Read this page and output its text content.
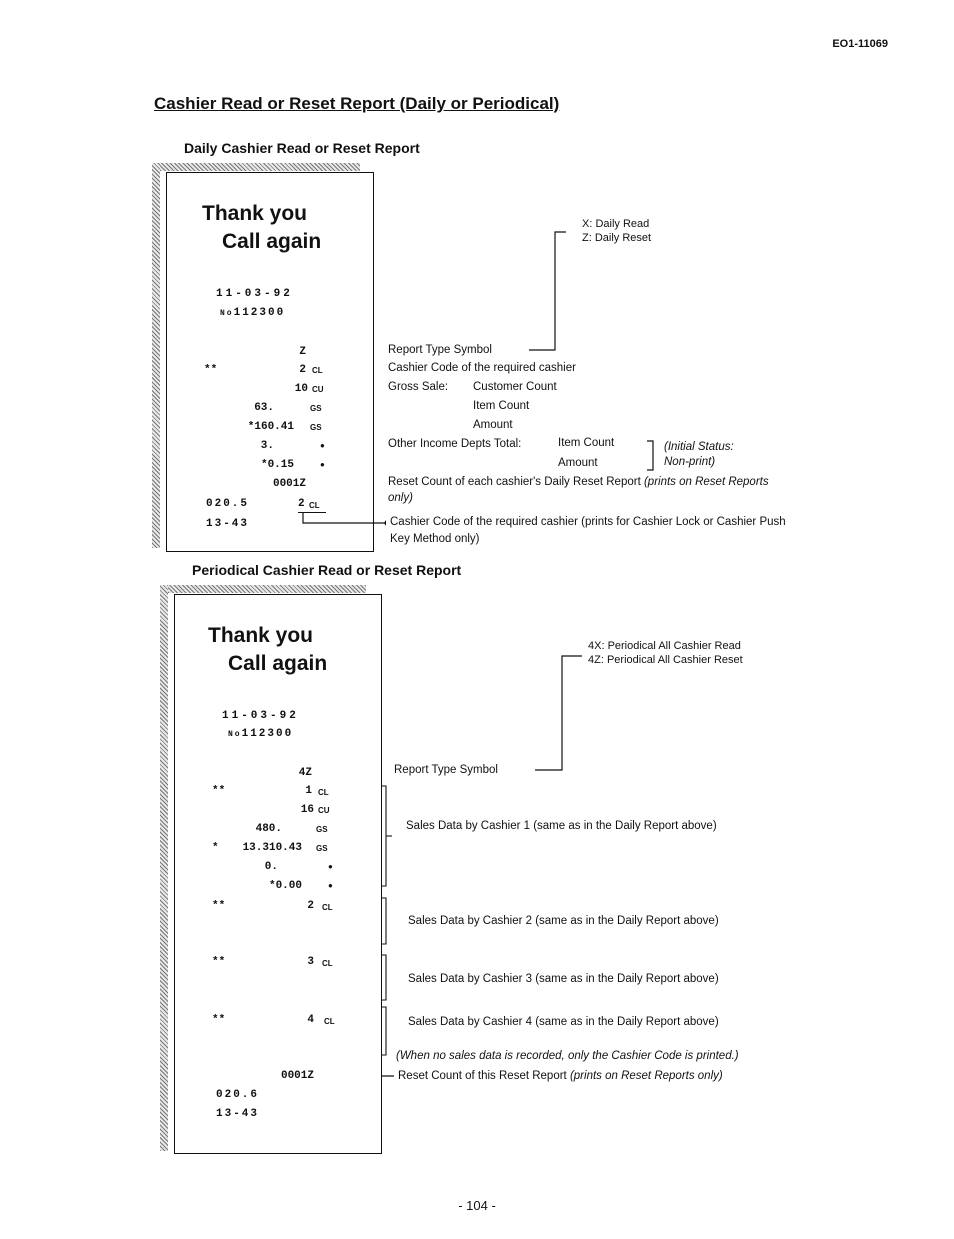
EO1-11069
Cashier Read or Reset Report (Daily or Periodical)
Daily Cashier Read or Reset Report
Thank you
Call again
11-03-92
No112300
Z
**	2 CL
10 CU
63.	GS
*160.41 GS
3.	●
*0.15	●
0001Z
020.5	2 CL
13-43
X: Daily Read
Z: Daily Reset
Report Type Symbol
Cashier Code of the required cashier
Gross Sale: Customer Count
Item Count
Amount
Other Income Depts Total:	Item Count
Amount
(Initial Status:
Non-print)
Reset Count of each cashier's Daily Reset Report (prints on Reset Reports
only)
Cashier Code of the required cashier (prints for Cashier Lock or Cashier Push
Key Method only)
Periodical Cashier Read or Reset Report
Thank you
Call again
11-03-92
No112300
4Z
**	1 CL
16 CU
480.	GS
*	13.310.43 GS
0.	●
*0.00	●
**	2 CL
**	3 CL
**	4 CL
0001Z
020.6
13-43
4X: Periodical All Cashier Read
4Z: Periodical All Cashier Reset
Report Type Symbol
Sales Data by Cashier 1 (same as in the Daily Report above)
Sales Data by Cashier 2 (same as in the Daily Report above)
Sales Data by Cashier 3 (same as in the Daily Report above)
Sales Data by Cashier 4 (same as in the Daily Report above)
(When no sales data is recorded, only the Cashier Code is printed.)
Reset Count of this Reset Report (prints on Reset Reports only)
- 104 -
